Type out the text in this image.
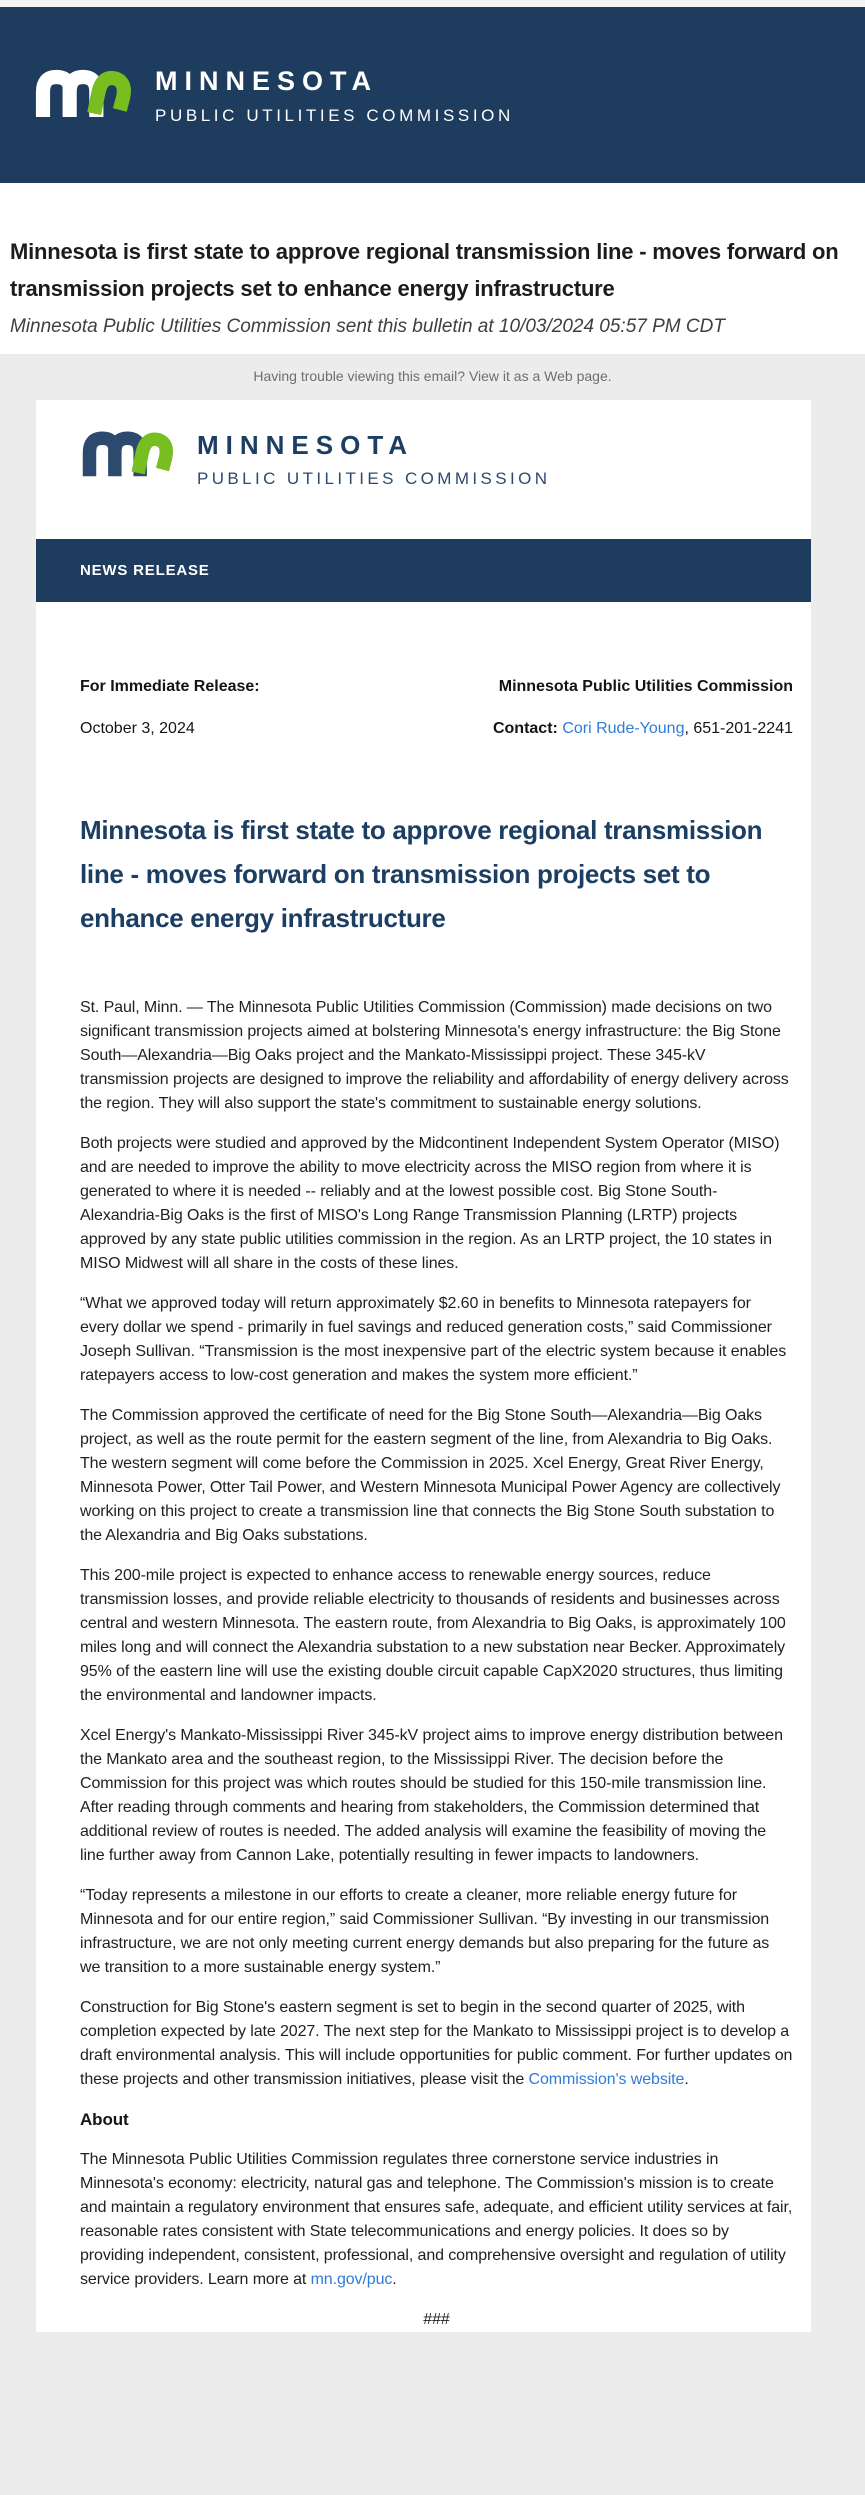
MINNESOTA
PUBLIC UTILITIES COMMISSION
Minnesota is first state to approve regional transmission line - moves forward on transmission projects set to enhance energy infrastructure

Minnesota Public Utilities Commission sent this bulletin at 10/03/2024 05:57 PM CDT

Having trouble viewing this email? View it as a Web page.

MINNESOTA
PUBLIC UTILITIES COMMISSION
NEWS RELEASE
For Immediate Release:	Minnesota Public Utilities Commission
October 3, 2024	Contact: Cori Rude-Young, 651-201-2241
Minnesota is first state to approve regional transmission line - moves forward on transmission projects set to enhance energy infrastructure

St. Paul, Minn. — The Minnesota Public Utilities Commission (Commission) made decisions on two significant transmission projects aimed at bolstering Minnesota's energy infrastructure: the Big Stone South—Alexandria—Big Oaks project and the Mankato-Mississippi project. These 345-kV transmission projects are designed to improve the reliability and affordability of energy delivery across the region. They will also support the state's commitment to sustainable energy solutions.

Both projects were studied and approved by the Midcontinent Independent System Operator (MISO) and are needed to improve the ability to move electricity across the MISO region from where it is generated to where it is needed -- reliably and at the lowest possible cost. Big Stone South-Alexandria-Big Oaks is the first of MISO's Long Range Transmission Planning (LRTP) projects approved by any state public utilities commission in the region. As an LRTP project, the 10 states in MISO Midwest will all share in the costs of these lines.

“What we approved today will return approximately $2.60 in benefits to Minnesota ratepayers for every dollar we spend - primarily in fuel savings and reduced generation costs,” said Commissioner Joseph Sullivan. “Transmission is the most inexpensive part of the electric system because it enables ratepayers access to low-cost generation and makes the system more efficient.”

The Commission approved the certificate of need for the Big Stone South—Alexandria—Big Oaks project, as well as the route permit for the eastern segment of the line, from Alexandria to Big Oaks. The western segment will come before the Commission in 2025. Xcel Energy, Great River Energy, Minnesota Power, Otter Tail Power, and Western Minnesota Municipal Power Agency are collectively working on this project to create a transmission line that connects the Big Stone South substation to the Alexandria and Big Oaks substations.

This 200-mile project is expected to enhance access to renewable energy sources, reduce transmission losses, and provide reliable electricity to thousands of residents and businesses across central and western Minnesota. The eastern route, from Alexandria to Big Oaks, is approximately 100 miles long and will connect the Alexandria substation to a new substation near Becker. Approximately 95% of the eastern line will use the existing double circuit capable CapX2020 structures, thus limiting the environmental and landowner impacts.

Xcel Energy's Mankato-Mississippi River 345-kV project aims to improve energy distribution between the Mankato area and the southeast region, to the Mississippi River. The decision before the Commission for this project was which routes should be studied for this 150-mile transmission line. After reading through comments and hearing from stakeholders, the Commission determined that additional review of routes is needed. The added analysis will examine the feasibility of moving the line further away from Cannon Lake, potentially resulting in fewer impacts to landowners.

“Today represents a milestone in our efforts to create a cleaner, more reliable energy future for Minnesota and for our entire region,” said Commissioner Sullivan. “By investing in our transmission infrastructure, we are not only meeting current energy demands but also preparing for the future as we transition to a more sustainable energy system.”

Construction for Big Stone's eastern segment is set to begin in the second quarter of 2025, with completion expected by late 2027. The next step for the Mankato to Mississippi project is to develop a draft environmental analysis. This will include opportunities for public comment. For further updates on these projects and other transmission initiatives, please visit the Commission's website.

About

The Minnesota Public Utilities Commission regulates three cornerstone service industries in Minnesota's economy: electricity, natural gas and telephone. The Commission's mission is to create and maintain a regulatory environment that ensures safe, adequate, and efficient utility services at fair, reasonable rates consistent with State telecommunications and energy policies. It does so by providing independent, consistent, professional, and comprehensive oversight and regulation of utility service providers. Learn more at mn.gov/puc.

###
